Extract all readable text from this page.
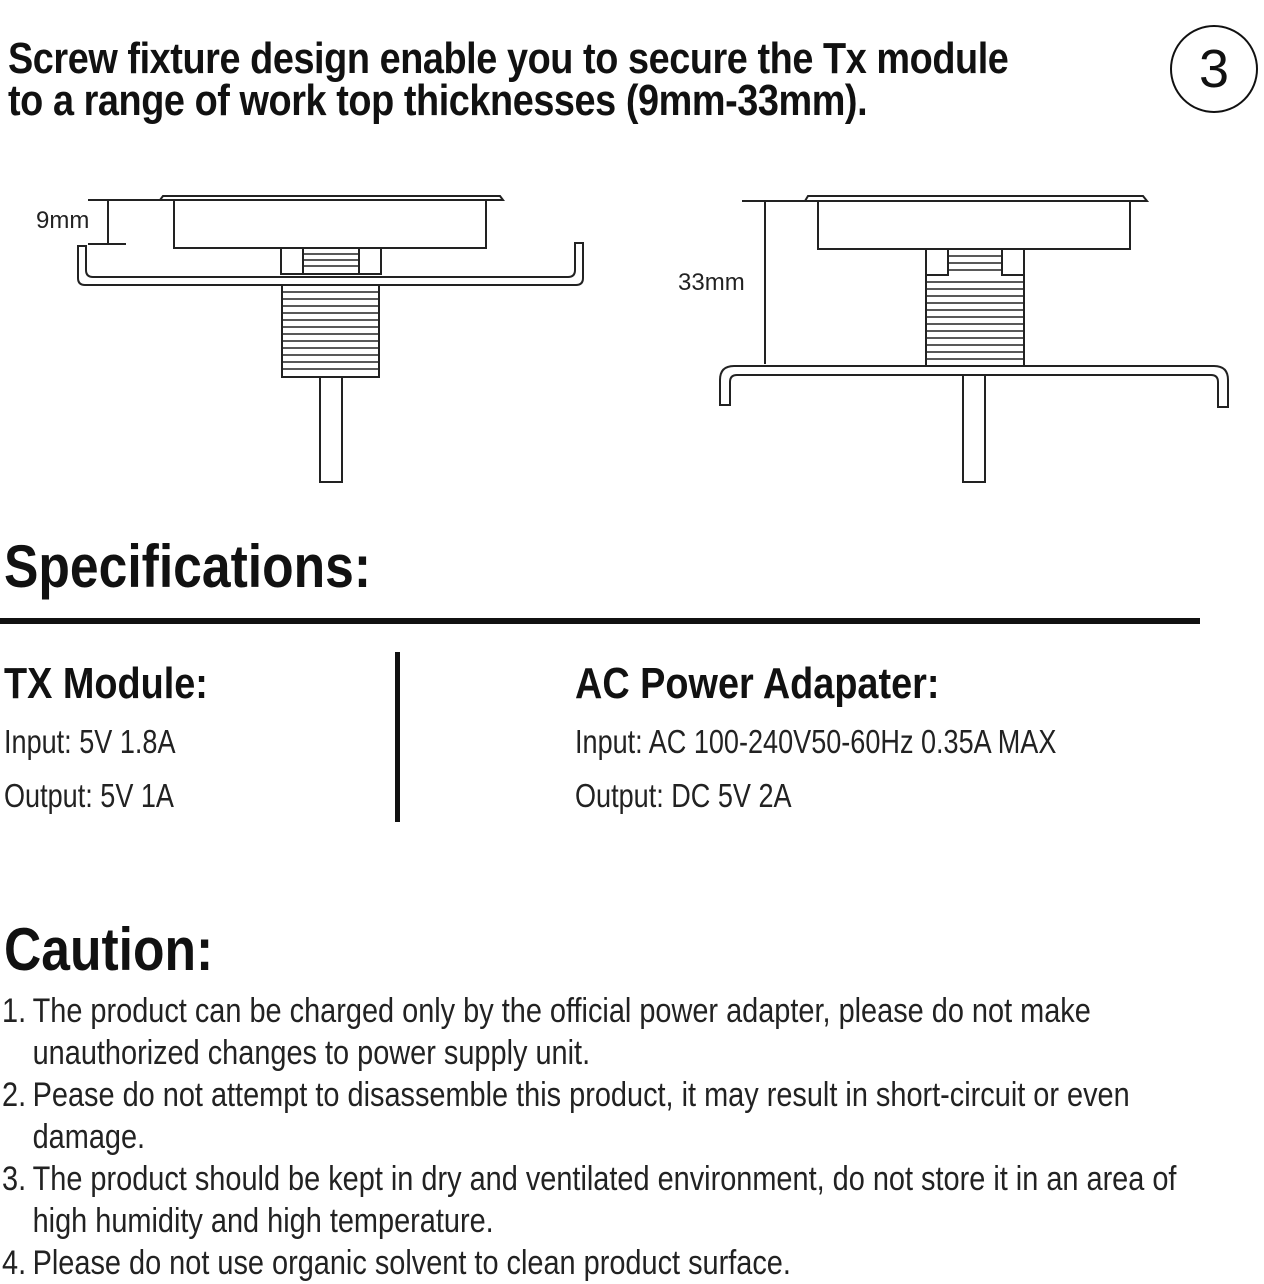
Screw fixture design enable you to secure the Tx module
to a range of work top thicknesses (9mm-33mm).
3
9mm
33mm
Specifications:
TX Module:

Input: 5V 1.8A

Output: 5V 1A

AC Power Adapater:

Input: AC 100-240V50-60Hz 0.35A MAX

Output: DC 5V 2A

Caution:
1. The product can be charged only by the official power adapter, please do not make unauthorized changes to power supply unit.
2. Pease do not attempt to disassemble this product, it may result in short-circuit or even damage.
3. The product should be kept in dry and ventilated environment, do not store it in an area of high humidity and high temperature.
4. Please do not use organic solvent to clean product surface.
